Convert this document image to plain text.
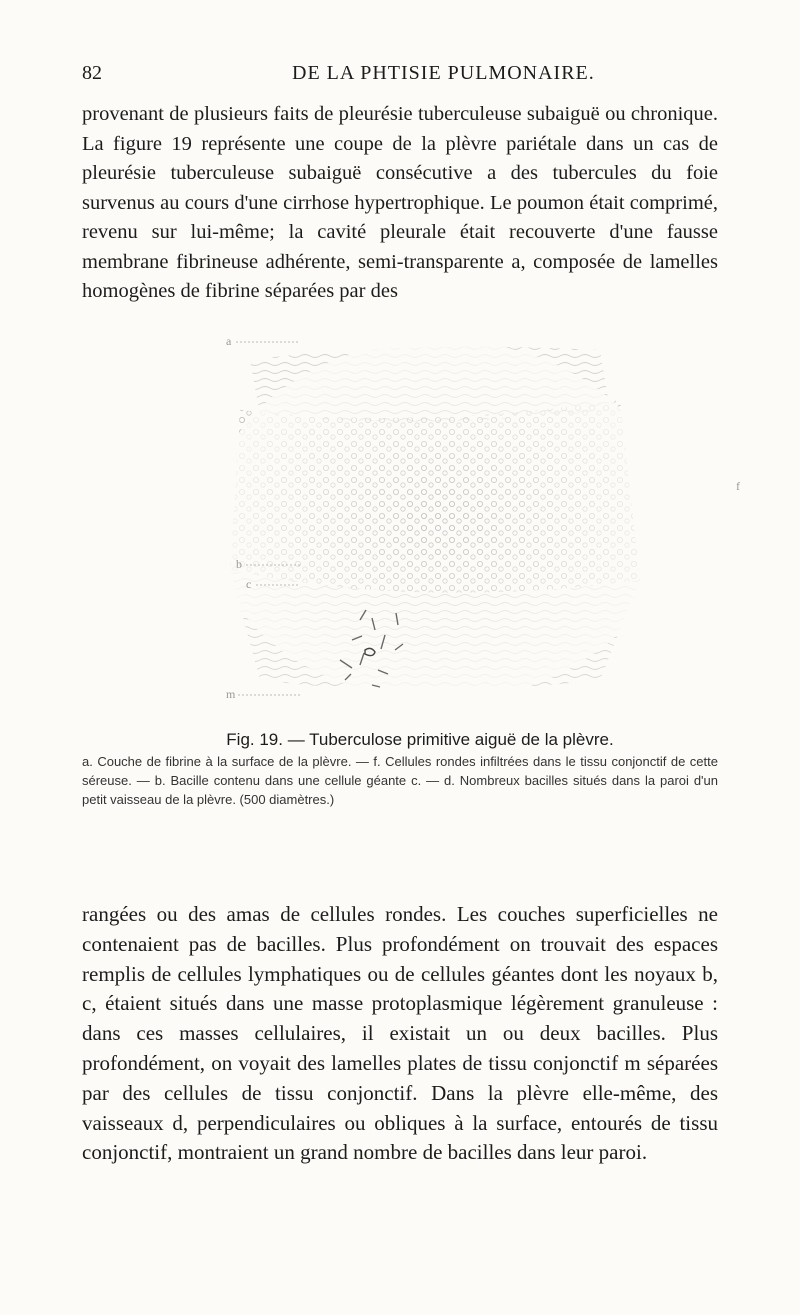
82	DE LA PHTISIE PULMONAIRE.

provenant de plusieurs faits de pleurésie tuberculeuse subaiguë ou chronique. La figure 19 représente une coupe de la plèvre pariétale dans un cas de pleurésie tuberculeuse subaiguë consécutive a des tubercules du foie survenus au cours d'une cirrhose hypertrophique. Le poumon était comprimé, revenu sur lui-même; la cavité pleurale était recouverte d'une fausse membrane fibrineuse adhérente, semi-transparente a, composée de lamelles homogènes de fibrine séparées par des

a
b
c
m
f
Fig. 19. — Tuberculose primitive aiguë de la plèvre.
a. Couche de fibrine à la surface de la plèvre. — f. Cellules rondes infiltrées dans le tissu conjonctif de cette séreuse. — b. Bacille contenu dans une cellule géante c. — d. Nombreux bacilles situés dans la paroi d'un petit vaisseau de la plèvre. (500 diamètres.)

rangées ou des amas de cellules rondes. Les couches superficielles ne contenaient pas de bacilles. Plus profondément on trouvait des espaces remplis de cellules lymphatiques ou de cellules géantes dont les noyaux b, c, étaient situés dans une masse protoplasmique légèrement granuleuse : dans ces masses cellulaires, il existait un ou deux bacilles. Plus profondément, on voyait des lamelles plates de tissu conjonctif m séparées par des cellules de tissu conjonctif. Dans la plèvre elle-même, des vaisseaux d, perpendiculaires ou obliques à la surface, entourés de tissu conjonctif, montraient un grand nombre de bacilles dans leur paroi.
